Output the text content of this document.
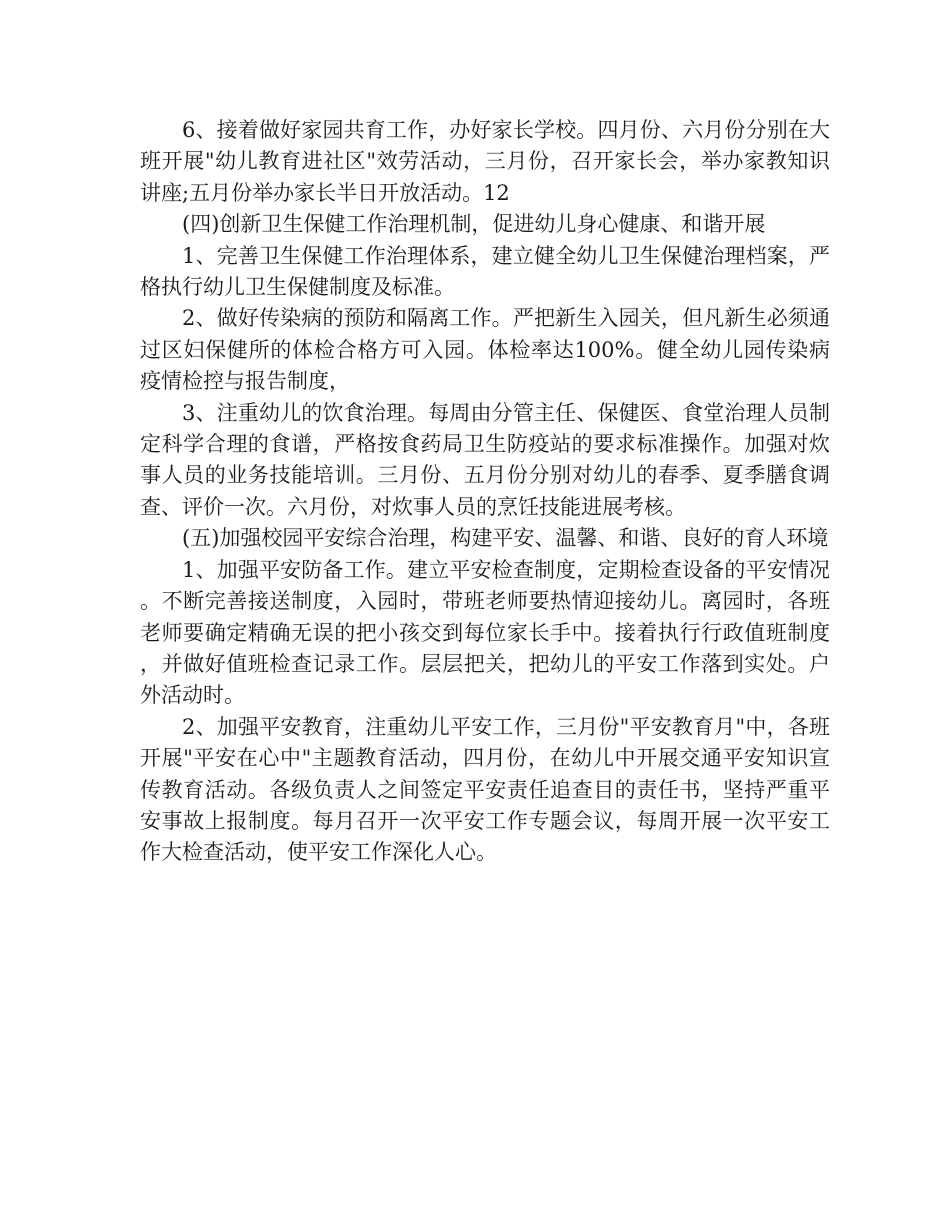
6、接着做好家园共育工作，办好家长学校。四月份、六月份分别在大班开展"幼儿教育进社区"效劳活动，三月份，召开家长会，举办家教知识讲座;五月份举办家长半日开放活动。12

(四)创新卫生保健工作治理机制，促进幼儿身心健康、和谐开展

1、完善卫生保健工作治理体系，建立健全幼儿卫生保健治理档案，严格执行幼儿卫生保健制度及标准。

2、做好传染病的预防和隔离工作。严把新生入园关，但凡新生必须通过区妇保健所的体检合格方可入园。体检率达100%。健全幼儿园传染病疫情检控与报告制度，

3、注重幼儿的饮食治理。每周由分管主任、保健医、食堂治理人员制定科学合理的食谱，严格按食药局卫生防疫站的要求标准操作。加强对炊事人员的业务技能培训。三月份、五月份分别对幼儿的春季、夏季膳食调查、评价一次。六月份，对炊事人员的烹饪技能进展考核。

(五)加强校园平安综合治理，构建平安、温馨、和谐、良好的育人环境

1、加强平安防备工作。建立平安检查制度，定期检查设备的平安情况。不断完善接送制度，入园时，带班老师要热情迎接幼儿。离园时，各班老师要确定精确无误的把小孩交到每位家长手中。接着执行行政值班制度，并做好值班检查记录工作。层层把关，把幼儿的平安工作落到实处。户外活动时。

2、加强平安教育，注重幼儿平安工作，三月份"平安教育月"中，各班开展"平安在心中"主题教育活动，四月份，在幼儿中开展交通平安知识宣传教育活动。各级负责人之间签定平安责任追查目的责任书，坚持严重平安事故上报制度。每月召开一次平安工作专题会议，每周开展一次平安工作大检查活动，使平安工作深化人心。
